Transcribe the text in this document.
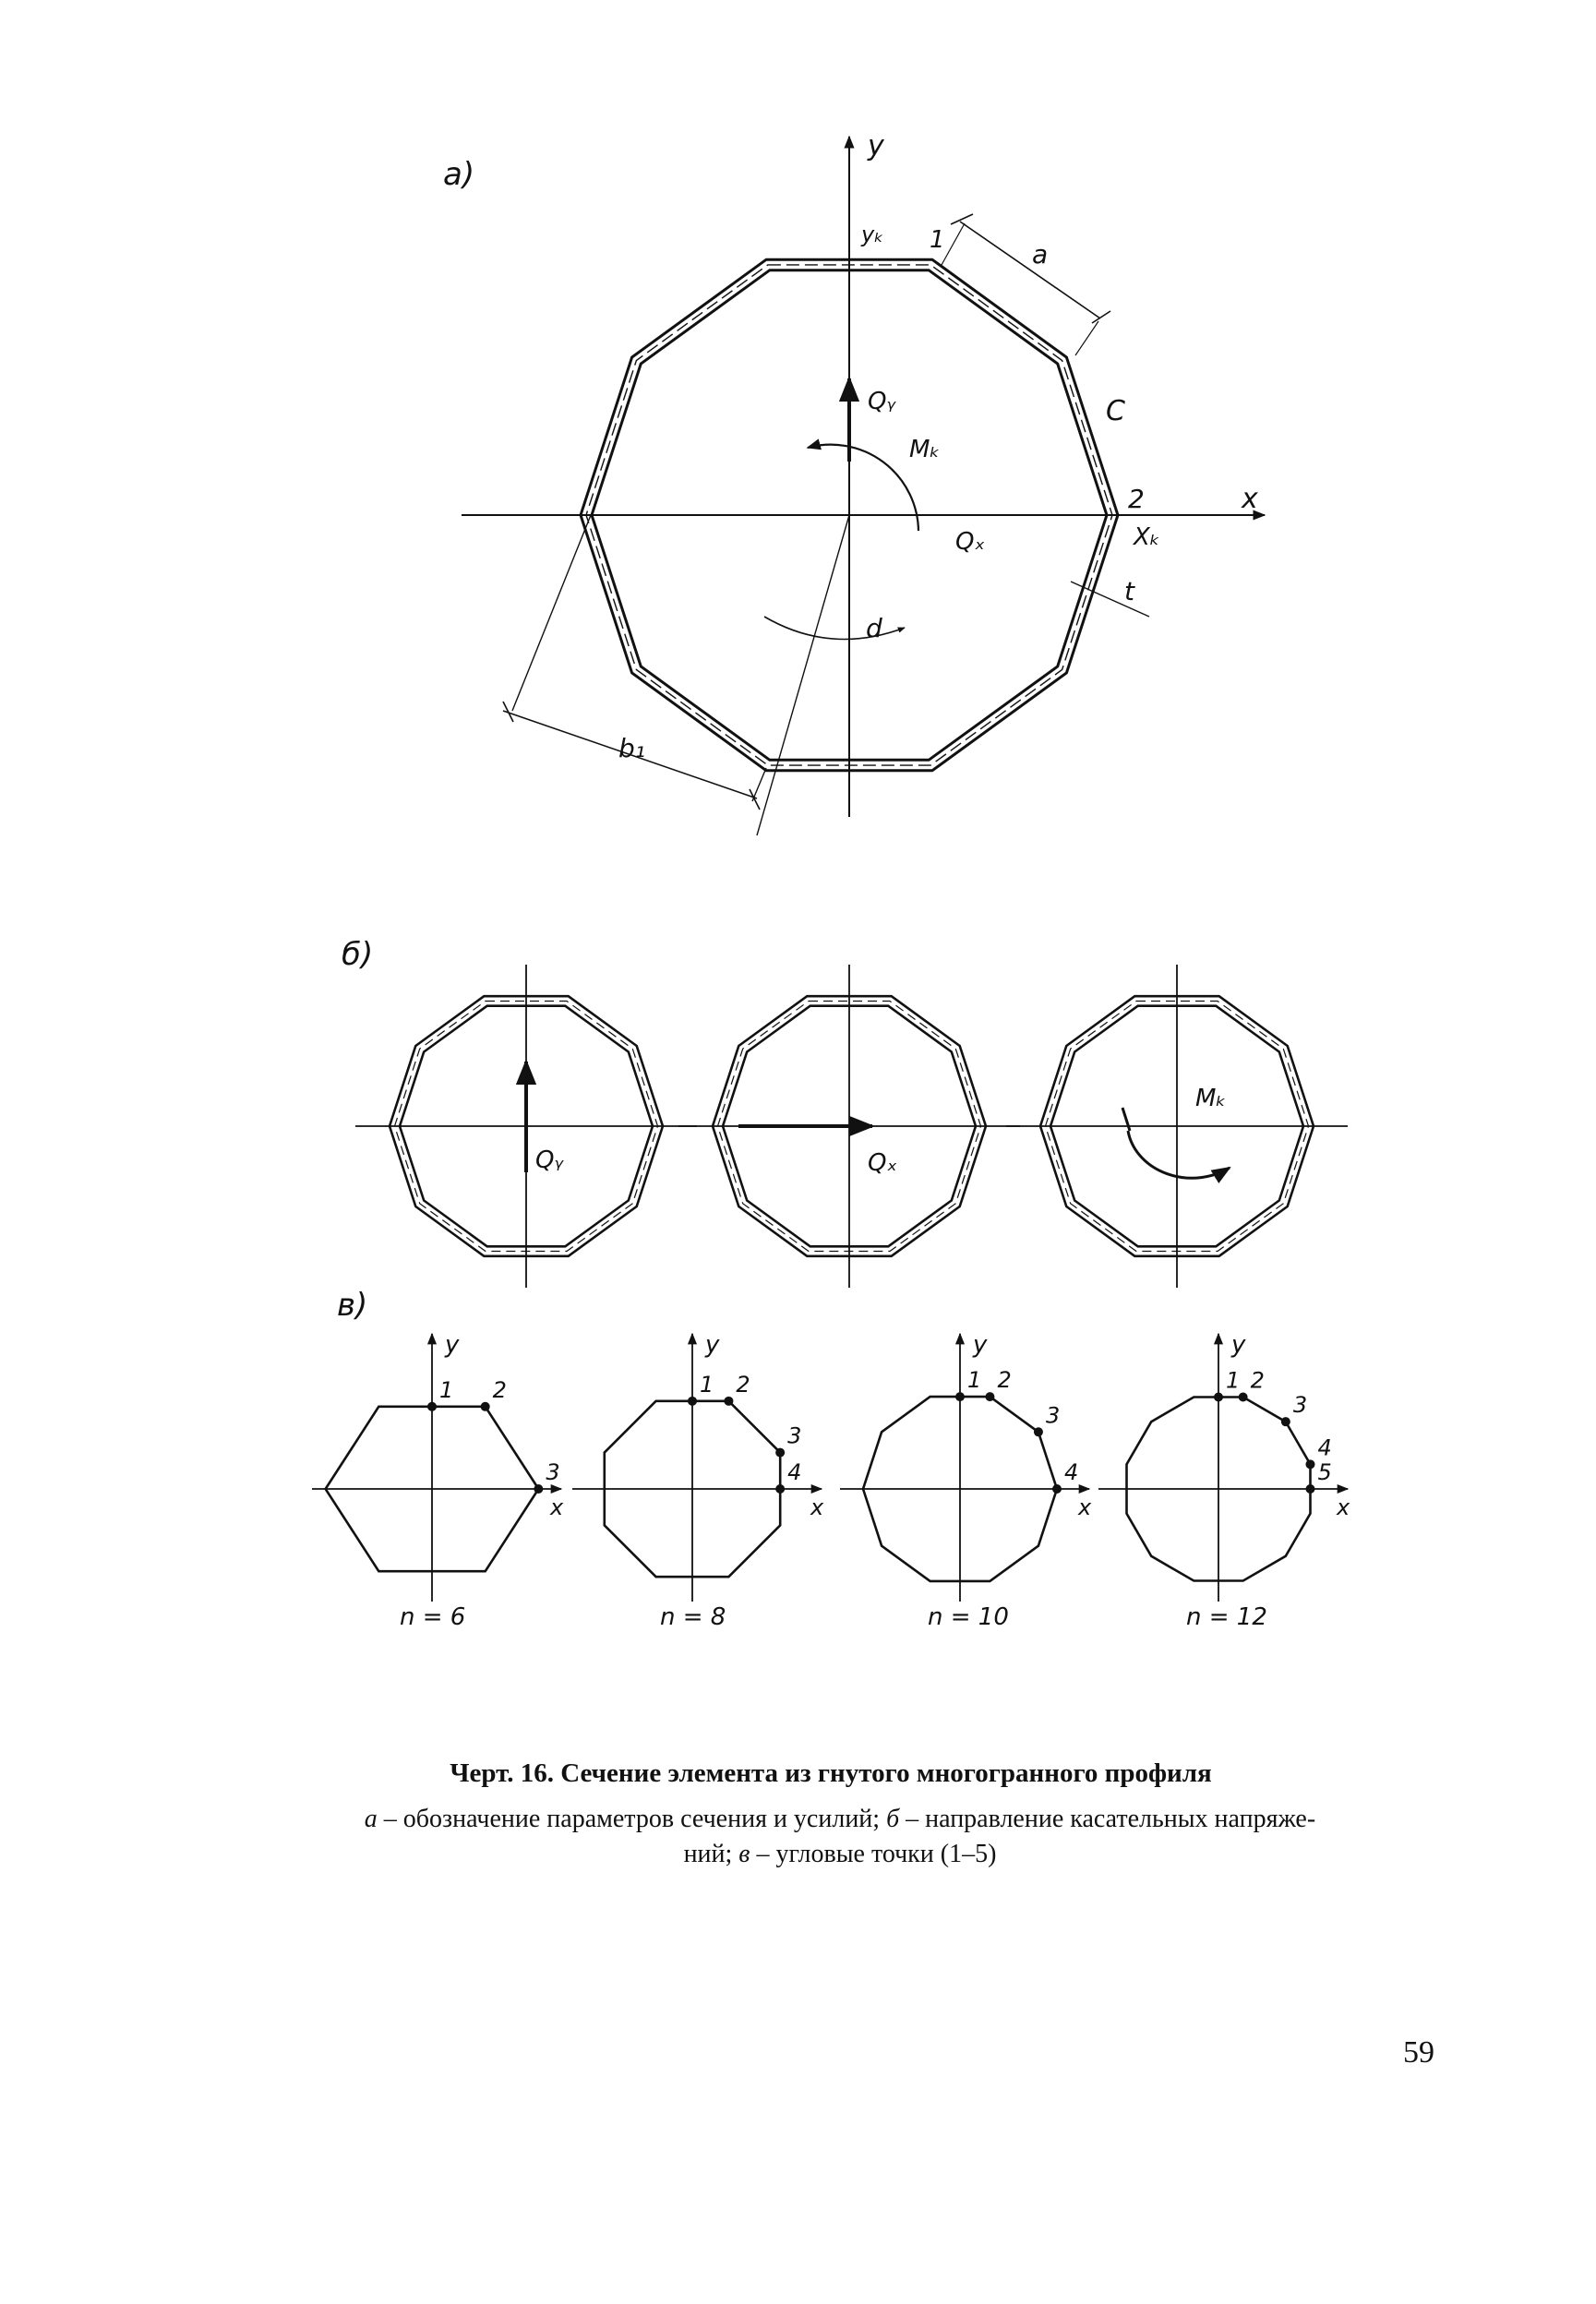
а)
y
x
yₖ 1
2
Xₖ
a
C
t
b₁
d
Qᵧ
Mₖ
Qₓ
б)
Qᵧ	Qₓ
Mₖ
в)
y
x
1 2
3
n = 6
y
x
1 2
3
4
n = 8
y
x
1 2
3
4
n = 10
y
x
1 2
3
4
5
n = 12
Черт. 16. Сечение элемента из гнутого многогранного профиля
а – обозначение параметров сечения и усилий; б – направление касательных напряже-
ний; в – угловые точки (1–5)
59
